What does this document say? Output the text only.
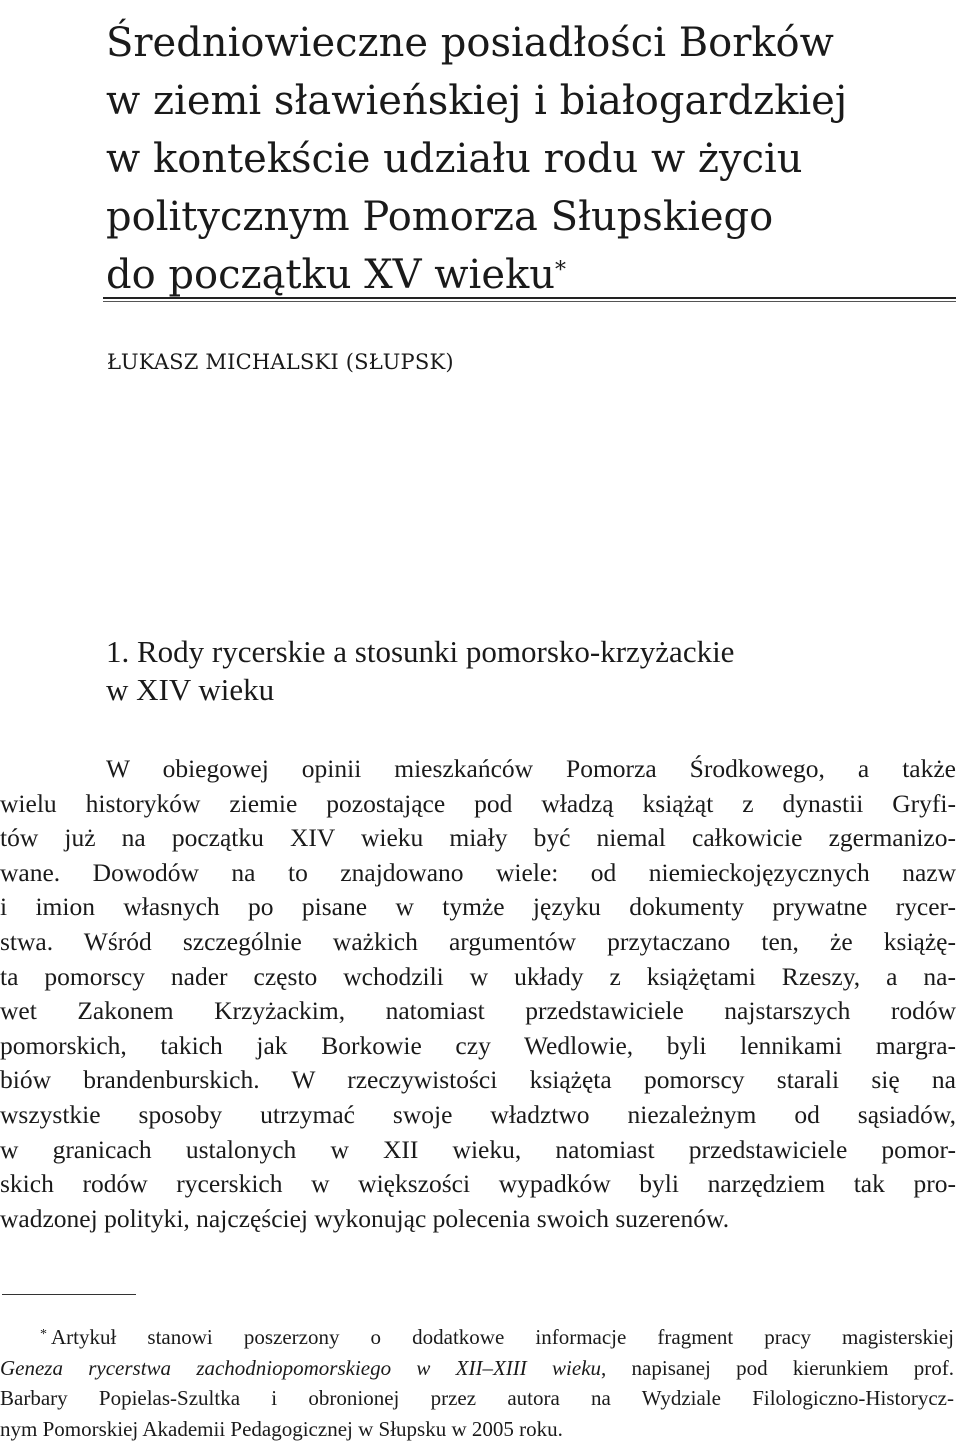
Średniowieczne posiadłości Borków
w ziemi sławieńskiej i białogardzkiej
w kontekście udziału rodu w życiu
politycznym Pomorza Słupskiego
do początku XV wieku*

ŁUKASZ MICHALSKI (SŁUPSK)

1. Rody rycerskie a stosunki pomorsko-krzyżackie
w XIV wieku
W obiegowej opinii mieszkańców Pomorza Środkowego, a także
wielu historyków ziemie pozostające pod władzą książąt z dynastii Gryfi-
tów już na początku XIV wieku miały być niemal całkowicie zgermanizo-
wane. Dowodów na to znajdowano wiele: od niemieckojęzycznych nazw
i imion własnych po pisane w tymże języku dokumenty prywatne rycer-
stwa. Wśród szczególnie ważkich argumentów przytaczano ten, że książę-
ta pomorscy nader często wchodzili w układy z książętami Rzeszy, a na-
wet Zakonem Krzyżackim, natomiast przedstawiciele najstarszych rodów
pomorskich, takich jak Borkowie czy Wedlowie, byli lennikami margra-
biów brandenburskich. W rzeczywistości książęta pomorscy starali się na
wszystkie sposoby utrzymać swoje władztwo niezależnym od sąsiadów,
w granicach ustalonych w XII wieku, natomiast przedstawiciele pomor-
skich rodów rycerskich w większości wypadków byli narzędziem tak pro-
wadzonej polityki, najczęściej wykonując polecenia swoich suzerenów.
* Artykuł stanowi poszerzony o dodatkowe informacje fragment pracy magisterskiej
Geneza rycerstwa zachodniopomorskiego w XII–XIII wieku, napisanej pod kierunkiem prof.
Barbary Popielas-Szultka i obronionej przez autora na Wydziale Filologiczno-Historycz-
nym Pomorskiej Akademii Pedagogicznej w Słupsku w 2005 roku.
